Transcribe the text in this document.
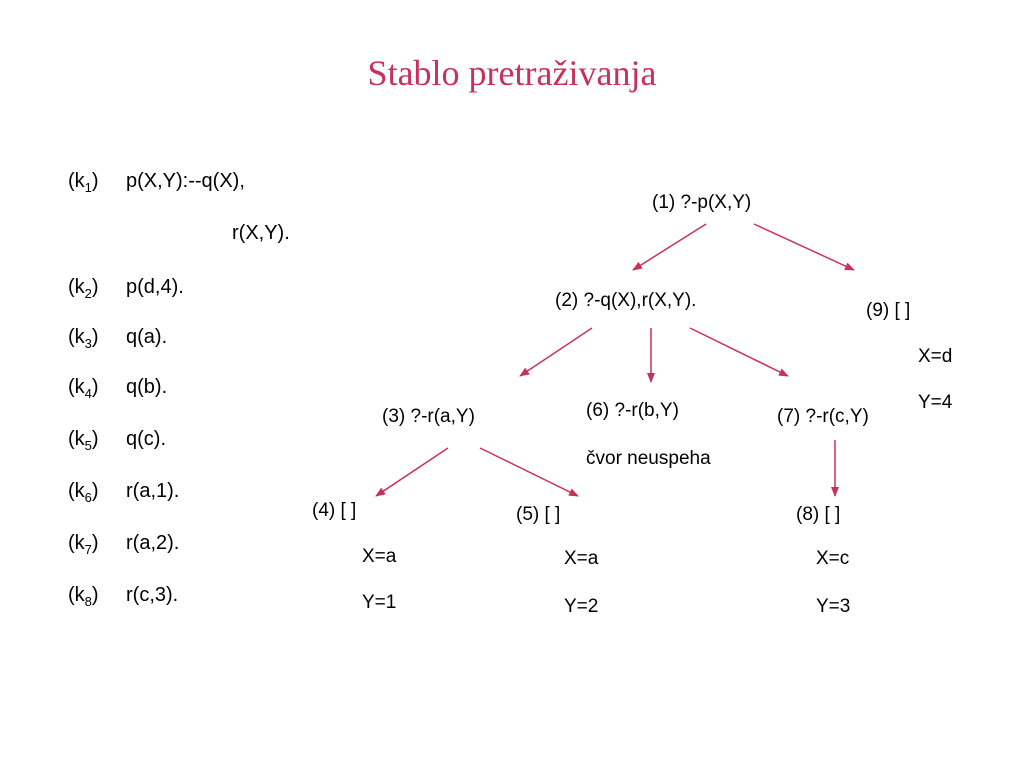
Stablo pretraživanja
$(k_1)$ p(X,Y):--q(X),
r(X,Y).
$(k_2)$ p(d,4).
$(k_3)$ q(a).
$(k_4)$ q(b).
$(k_5)$ q(c).
$(k_6)$ r(a,1).
$(k_7)$ r(a,2).
$(k_8)$ r(c,3).
(1) ?-p(X,Y)
(2) ?-q(X),r(X,Y).
(3) ?-r(a,Y)	(6) ?-r(b,Y)
čvor neuspeha
(7) ?-r(c,Y)
(9) [ ]
(4) [ ]	(5) [ ]	(8) [ ]
X=a
Y=1
X=a
Y=2
X=c
Y=3
X=d
Y=4
